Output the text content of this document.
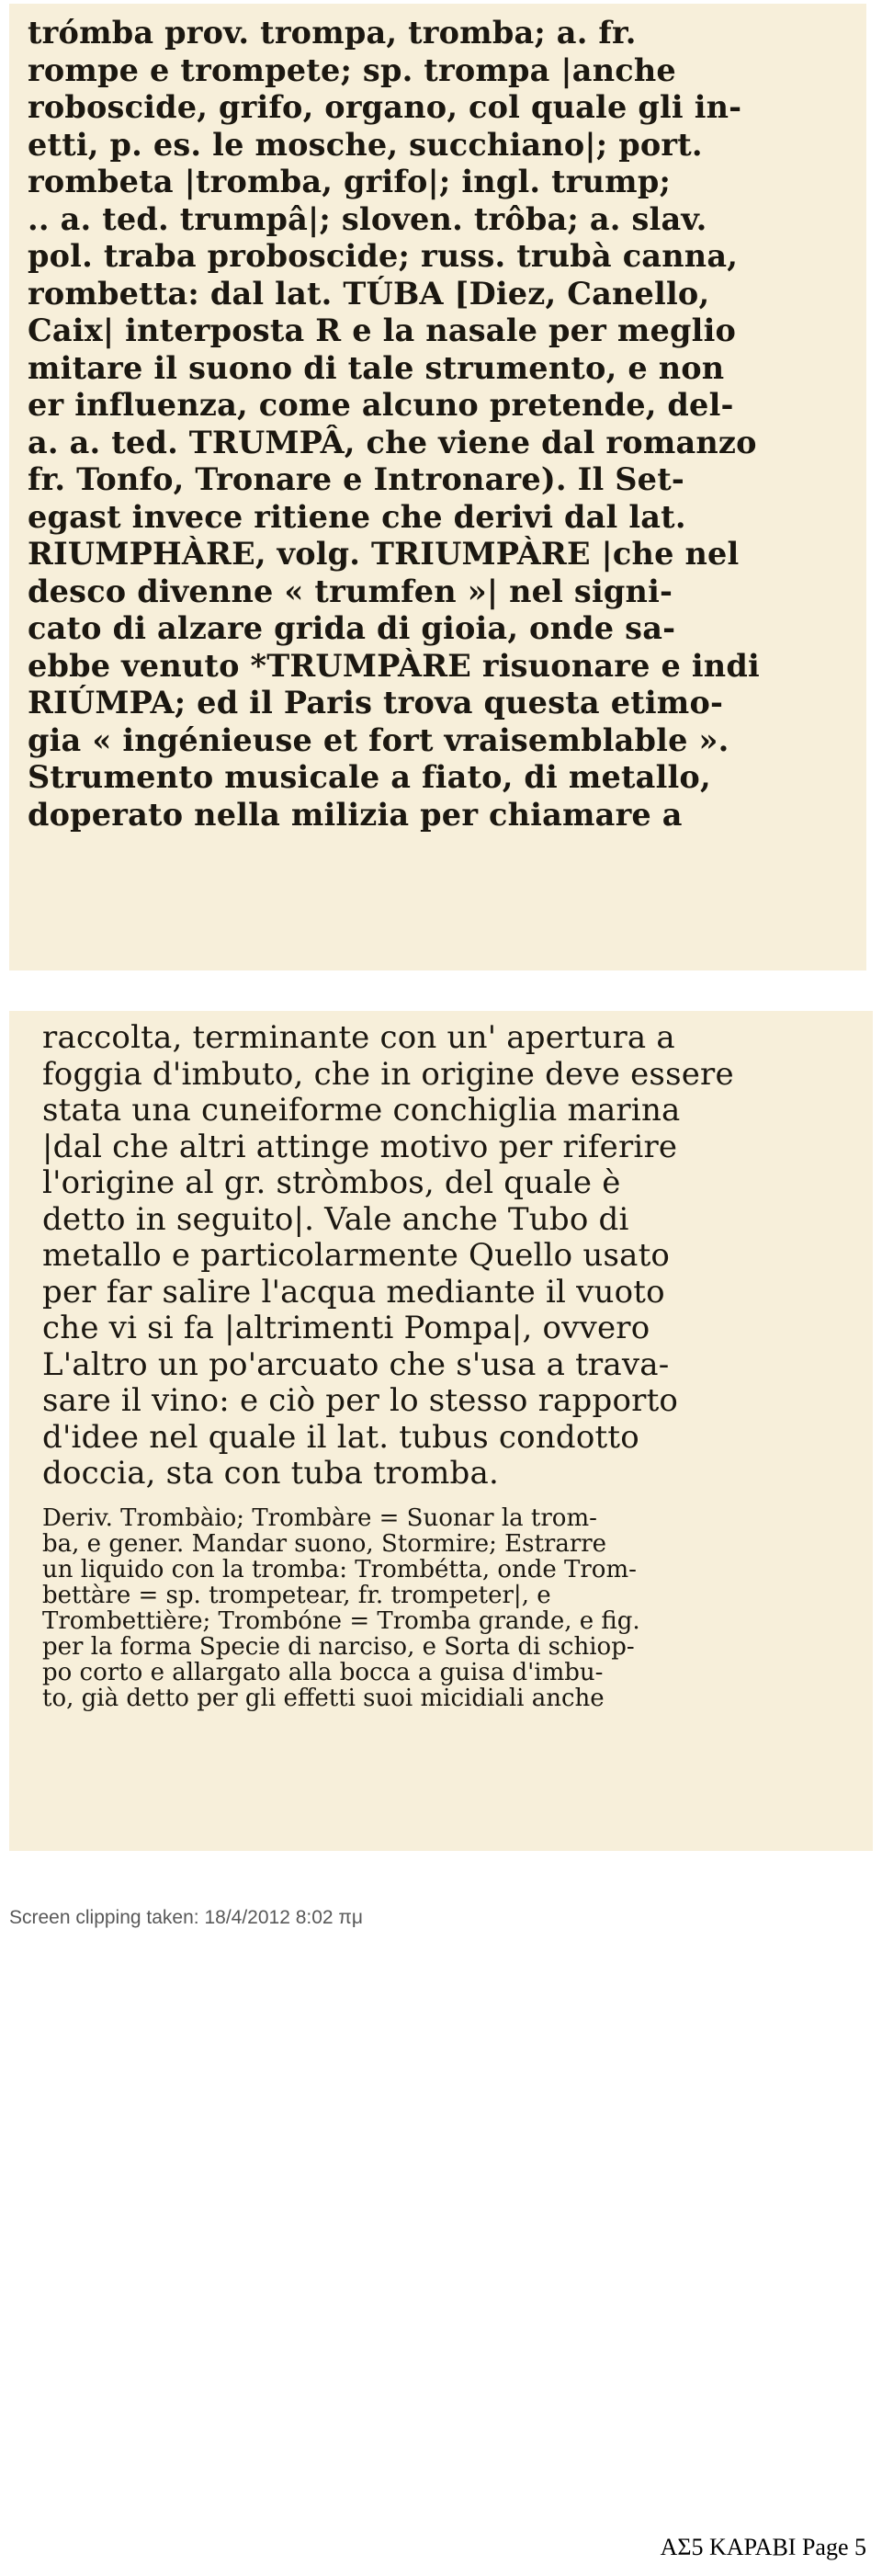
trómba prov. trompa, tromba; a. fr.
rompe e trompete; sp. trompa |anche
roboscide, grifo, organo, col quale gli in-
etti, p. es. le mosche, succhiano|; port.
rombeta |tromba, grifo|; ingl. trump;
.. a. ted. trumpâ|; sloven. trôba; a. slav.
pol. traba proboscide; russ. trubà canna,
rombetta: dal lat. TÚBA [Diez, Canello,
Caix| interposta R e la nasale per meglio
mitare il suono di tale strumento, e non
er influenza, come alcuno pretende, del-
a. a. ted. TRUMPÂ, che viene dal romanzo
fr. Tonfo, Tronare e Intronare). Il Set-
egast invece ritiene che derivi dal lat.
RIUMPHÀRE, volg. TRIUMPÀRE |che nel
desco divenne « trumfen »| nel signi-
cato di alzare grida di gioia, onde sa-
ebbe venuto *TRUMPÀRE risuonare e indi
RIÚMPA; ed il Paris trova questa etimo-
gia « ingénieuse et fort vraisemblable ».
Strumento musicale a fiato, di metallo,
doperato nella milizia per chiamare a
raccolta, terminante con un' apertura a
foggia d'imbuto, che in origine deve essere
stata una cuneiforme conchiglia marina
|dal che altri attinge motivo per riferire
l'origine al gr. stròmbos, del quale è
detto in seguito|. Vale anche Tubo di
metallo e particolarmente Quello usato
per far salire l'acqua mediante il vuoto
che vi si fa |altrimenti Pompa|, ovvero
L'altro un po'arcuato che s'usa a trava-
sare il vino: e ciò per lo stesso rapporto
d'idee nel quale il lat. tubus condotto
doccia, sta con tuba tromba.
Deriv. Trombàio; Trombàre = Suonar la trom-
ba, e gener. Mandar suono, Stormire; Estrarre
un liquido con la tromba: Trombétta, onde Trom-
bettàre = sp. trompetear, fr. trompeter|, e
Trombettière; Trombóne = Tromba grande, e fig.
per la forma Specie di narciso, e Sorta di schiop-
po corto e allargato alla bocca a guisa d'imbu-
to, già detto per gli effetti suoi micidiali anche
Screen clipping taken: 18/4/2012 8:02 πμ
ΑΣ5 ΚΑΡΑΒΙ Page 5
